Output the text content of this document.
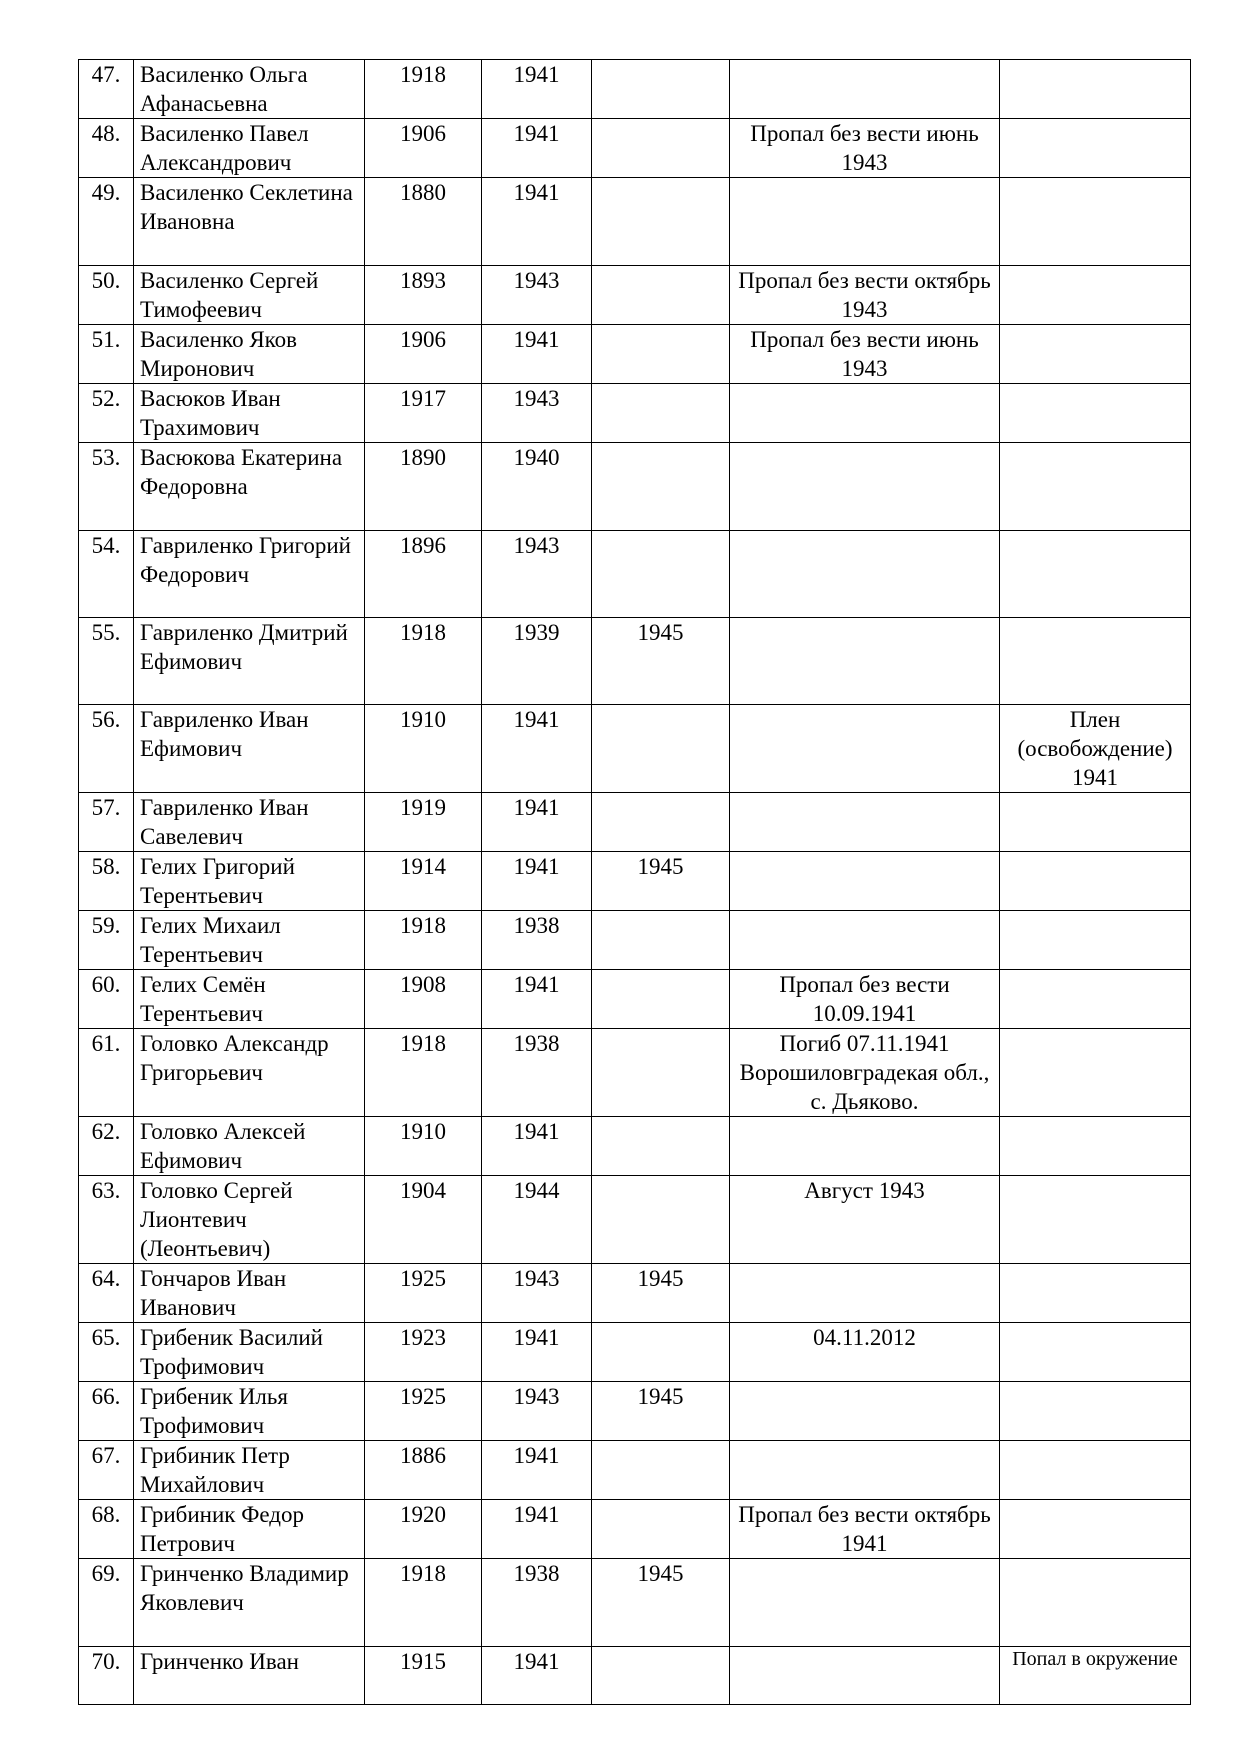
47.	Василенко Ольга Афанасьевна	1918	1941			
48.	Василенко Павел Александрович	1906	1941		Пропал без вести июнь 1943	
49.	Василенко Секлетина Ивановна	1880	1941			
50.	Василенко Сергей Тимофеевич	1893	1943		Пропал без вести октябрь 1943	
51.	Василенко Яков Миронович	1906	1941		Пропал без вести июнь 1943	
52.	Васюков Иван Трахимович	1917	1943			
53.	Васюкова Екатерина Федоровна	1890	1940			
54.	Гавриленко Григорий Федорович	1896	1943			
55.	Гавриленко Дмитрий Ефимович	1918	1939	1945		
56.	Гавриленко Иван Ефимович	1910	1941			Плен (освобождение) 1941
57.	Гавриленко Иван Савелевич	1919	1941			
58.	Гелих Григорий Терентьевич	1914	1941	1945		
59.	Гелих Михаил Терентьевич	1918	1938			
60.	Гелих Семён Терентьевич	1908	1941		Пропал без вести 10.09.1941	
61.	Головко Александр Григорьевич	1918	1938		Погиб 07.11.1941 Ворошиловградекая обл., с. Дьяково.	
62.	Головко Алексей Ефимович	1910	1941			
63.	Головко Сергей Лионтевич (Леонтьевич)	1904	1944		Август 1943	
64.	Гончаров Иван Иванович	1925	1943	1945		
65.	Грибеник Василий Трофимович	1923	1941		04.11.2012	
66.	Грибеник Илья Трофимович	1925	1943	1945		
67.	Грибиник Петр Михайлович	1886	1941			
68.	Грибиник Федор Петрович	1920	1941		Пропал без вести октябрь 1941	
69.	Гринченко Владимир Яковлевич	1918	1938	1945		
70.	Гринченко Иван	1915	1941			Попал в окружение
